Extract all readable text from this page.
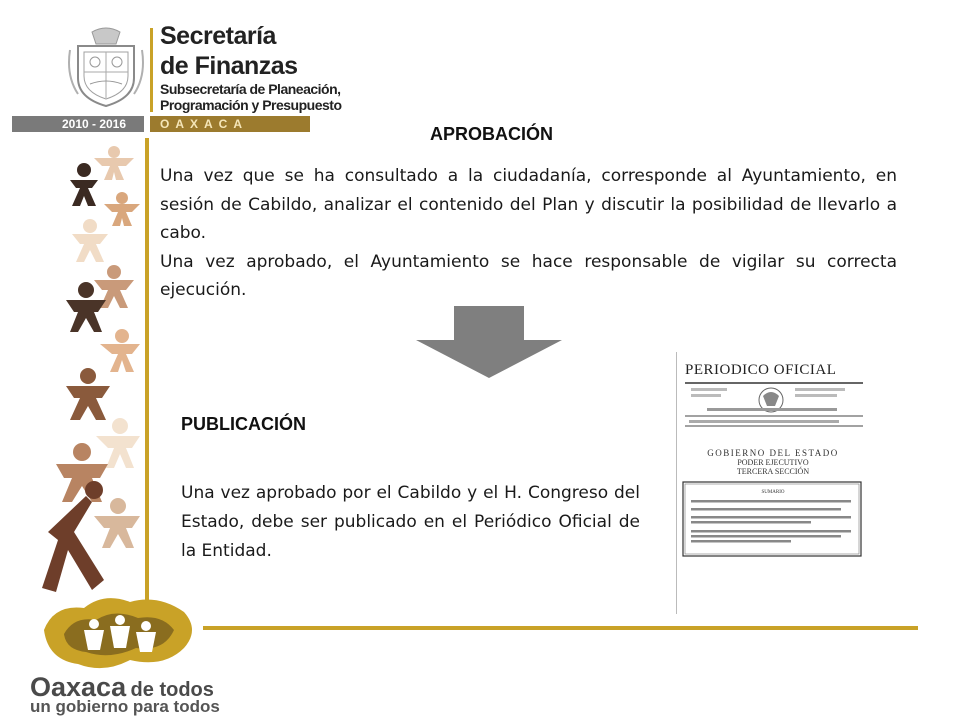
Secretaría
de Finanzas
Subsecretaría de Planeación,
Programación y Presupuesto
2010 - 2016	OAXACA	APROBACIÓN

Una vez que se ha consultado a la ciudadanía, corresponde al Ayuntamiento, en sesión de Cabildo, analizar el contenido del Plan y discutir la posibilidad de llevarlo a cabo.

Una vez aprobado, el Ayuntamiento se hace responsable de vigilar su correcta ejecución.

PUBLICACIÓN
Una vez aprobado por el Cabildo y el H. Congreso del Estado, debe ser publicado en el Periódico Oficial de la Entidad.
PERIODICO OFICIAL
SUMARIO
GOBIERNO DEL ESTADO
PODER EJECUTIVO
TERCERA SECCIÓN
Oaxaca de todos
un gobierno para todos
